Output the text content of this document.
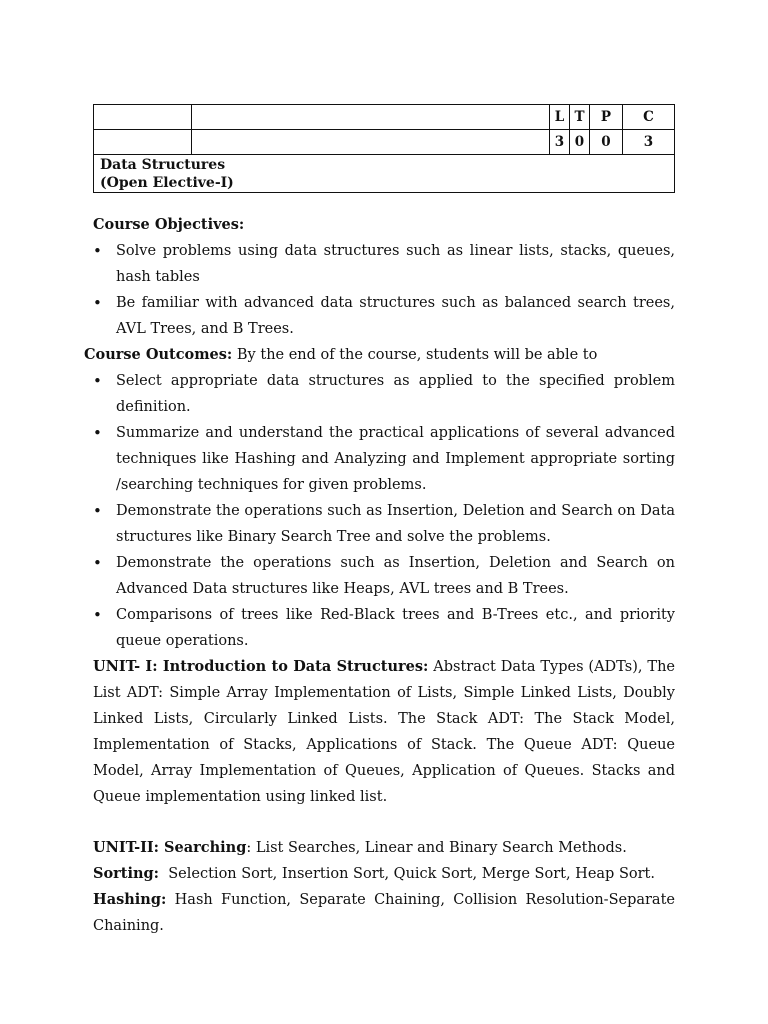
		L	T	P	C
		3	0	0	3

Data Structures
(Open Elective-I)					
Course Objectives:
• Solve problems using data structures such as linear lists, stacks, queues, hash tables
• Be familiar with advanced data structures such as balanced search trees, AVL Trees, and B Trees.
Course Outcomes: By the end of the course, students will be able to
• Select appropriate data structures as applied to the specified problem definition.
• Summarize and understand the practical applications of several advanced techniques like Hashing and Analyzing and Implement appropriate sorting /searching techniques for given problems.
• Demonstrate the operations such as Insertion, Deletion and Search on Data structures like Binary Search Tree and solve the problems.
• Demonstrate the operations such as Insertion, Deletion and Search on Advanced Data structures like Heaps, AVL trees and B Trees.
• Comparisons of trees like Red-Black trees and B-Trees etc., and priority queue operations.
UNIT- I: Introduction to Data Structures: Abstract Data Types (ADTs), The List ADT: Simple Array Implementation of Lists, Simple Linked Lists, Doubly Linked Lists, Circularly Linked Lists. The Stack ADT: The Stack Model, Implementation of Stacks, Applications of Stack. The Queue ADT: Queue Model, Array Implementation of Queues, Application of Queues. Stacks and Queue implementation using linked list.
UNIT-II: Searching: List Searches, Linear and Binary Search Methods.
Sorting:  Selection Sort, Insertion Sort, Quick Sort, Merge Sort, Heap Sort.
Hashing: Hash Function, Separate Chaining, Collision Resolution-Separate Chaining.
